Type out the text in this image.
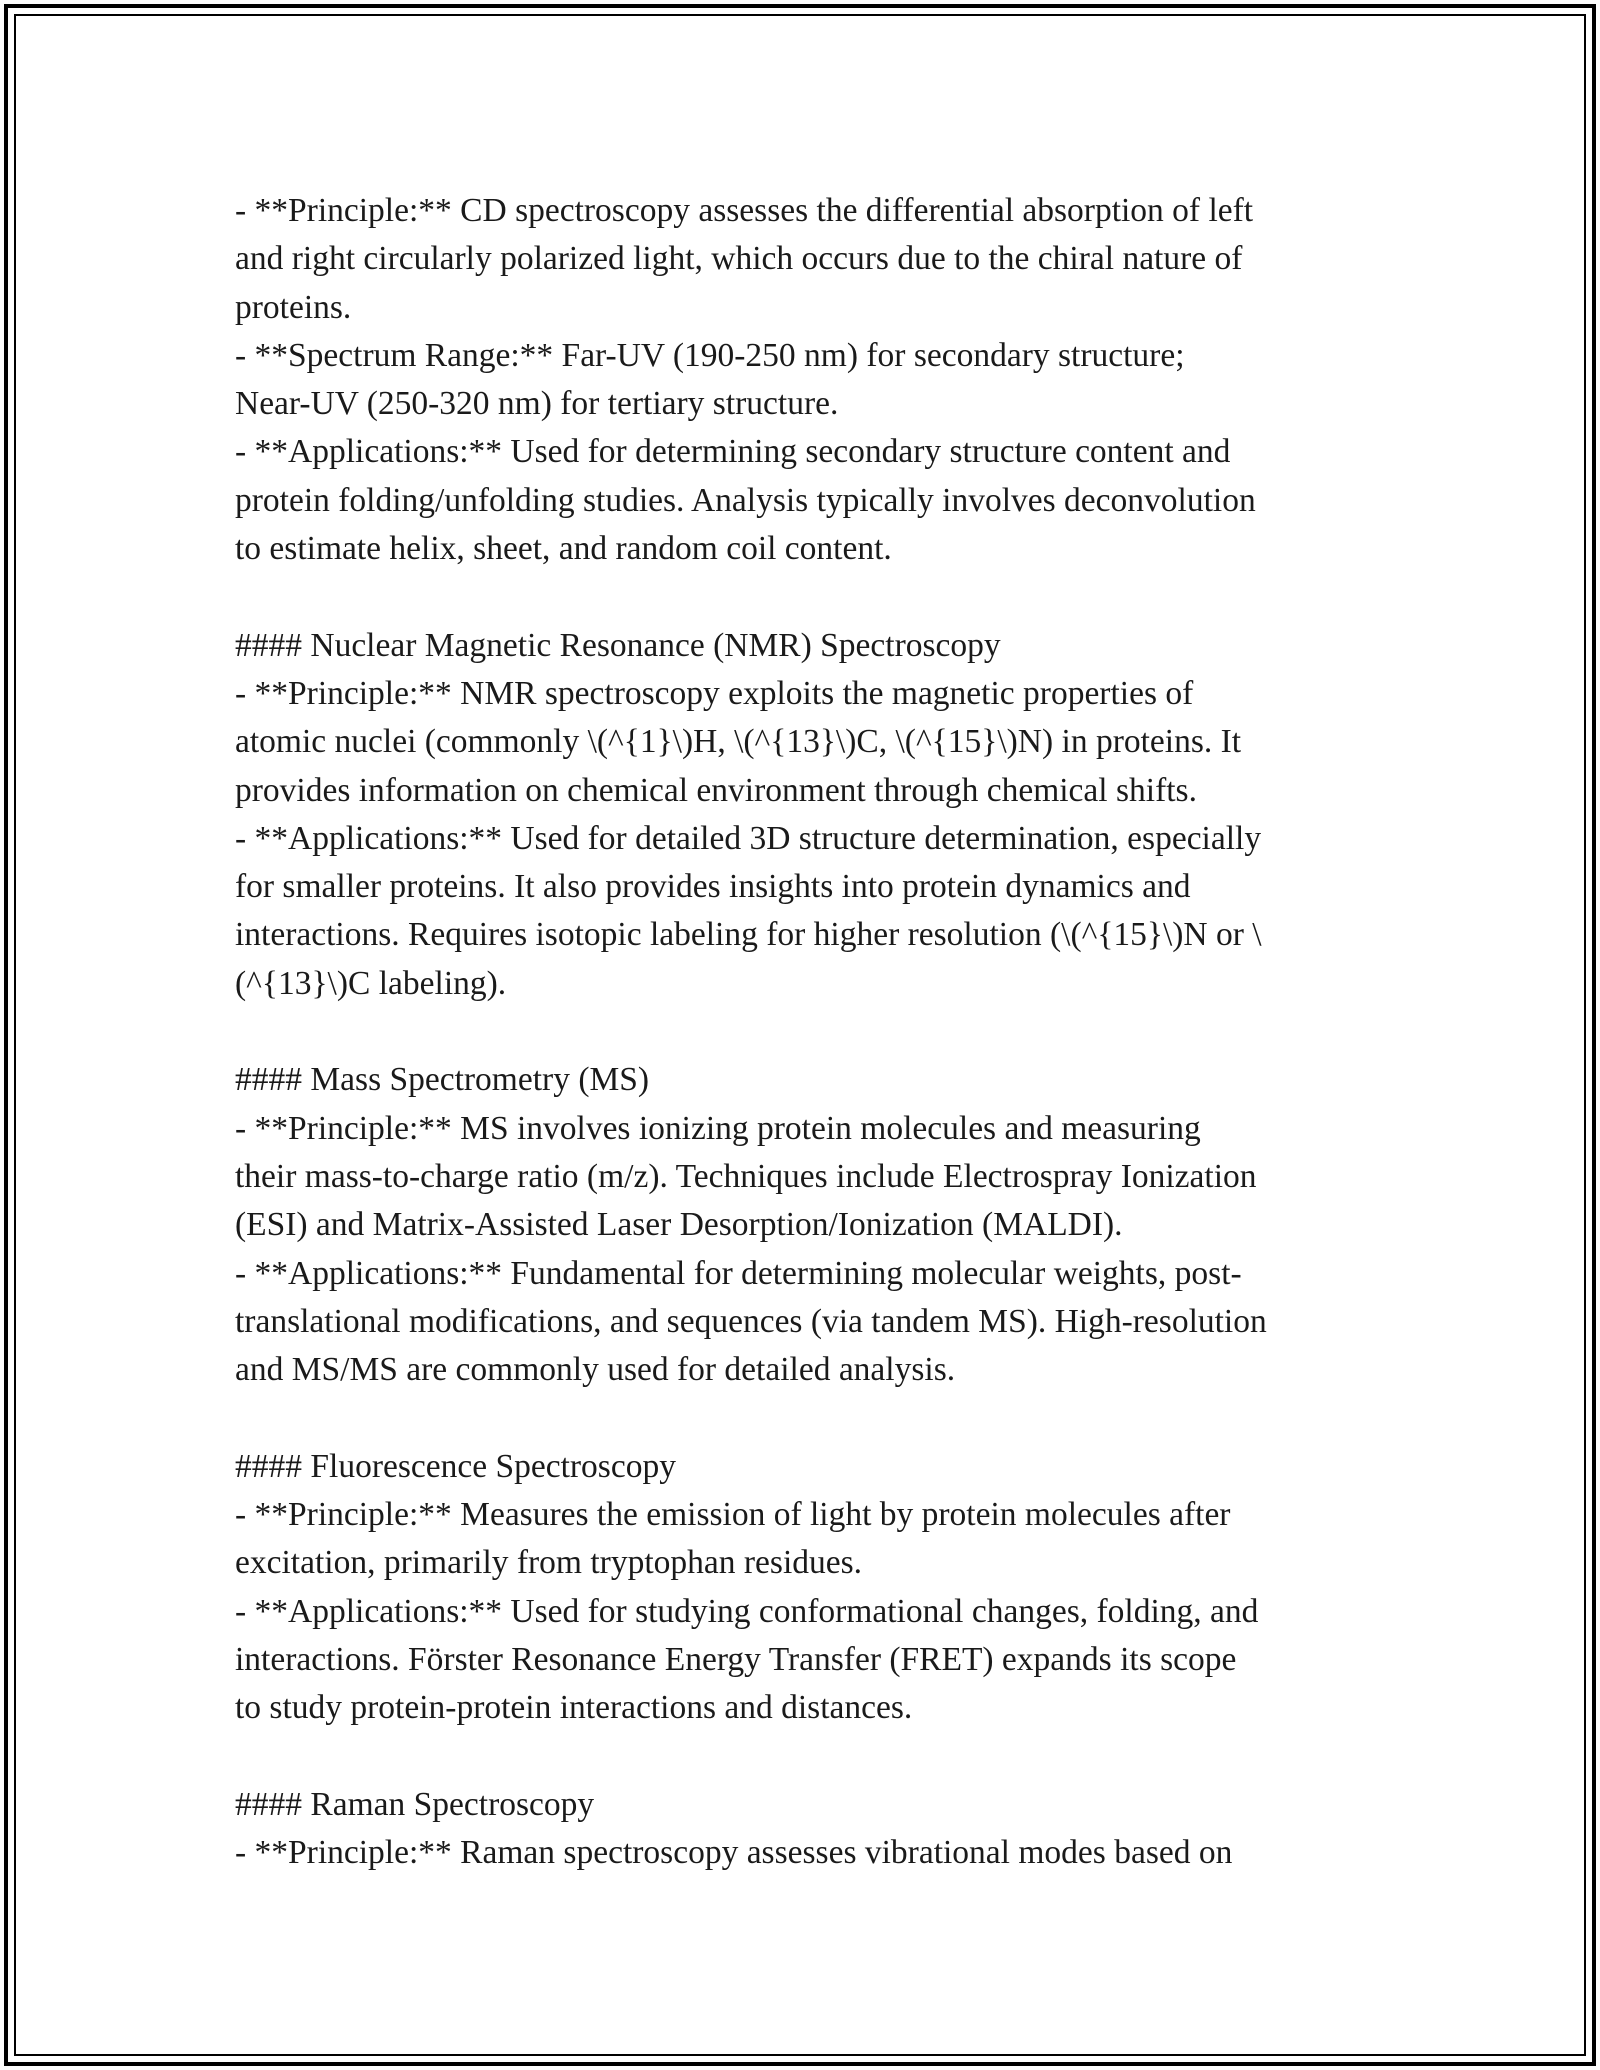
- **Principle:** CD spectroscopy assesses the differential absorption of left
and right circularly polarized light, which occurs due to the chiral nature of
proteins.
- **Spectrum Range:** Far-UV (190-250 nm) for secondary structure;
Near-UV (250-320 nm) for tertiary structure.
- **Applications:** Used for determining secondary structure content and
protein folding/unfolding studies. Analysis typically involves deconvolution
to estimate helix, sheet, and random coil content.
#### Nuclear Magnetic Resonance (NMR) Spectroscopy
- **Principle:** NMR spectroscopy exploits the magnetic properties of
atomic nuclei (commonly \(^{1}\)H, \(^{13}\)C, \(^{15}\)N) in proteins. It
provides information on chemical environment through chemical shifts.
- **Applications:** Used for detailed 3D structure determination, especially
for smaller proteins. It also provides insights into protein dynamics and
interactions. Requires isotopic labeling for higher resolution (\(^{15}\)N or \
(^{13}\)C labeling).
#### Mass Spectrometry (MS)
- **Principle:** MS involves ionizing protein molecules and measuring
their mass-to-charge ratio (m/z). Techniques include Electrospray Ionization
(ESI) and Matrix-Assisted Laser Desorption/Ionization (MALDI).
- **Applications:** Fundamental for determining molecular weights, post-
translational modifications, and sequences (via tandem MS). High-resolution
and MS/MS are commonly used for detailed analysis.
#### Fluorescence Spectroscopy
- **Principle:** Measures the emission of light by protein molecules after
excitation, primarily from tryptophan residues.
- **Applications:** Used for studying conformational changes, folding, and
interactions. Förster Resonance Energy Transfer (FRET) expands its scope
to study protein-protein interactions and distances.
#### Raman Spectroscopy
- **Principle:** Raman spectroscopy assesses vibrational modes based on
